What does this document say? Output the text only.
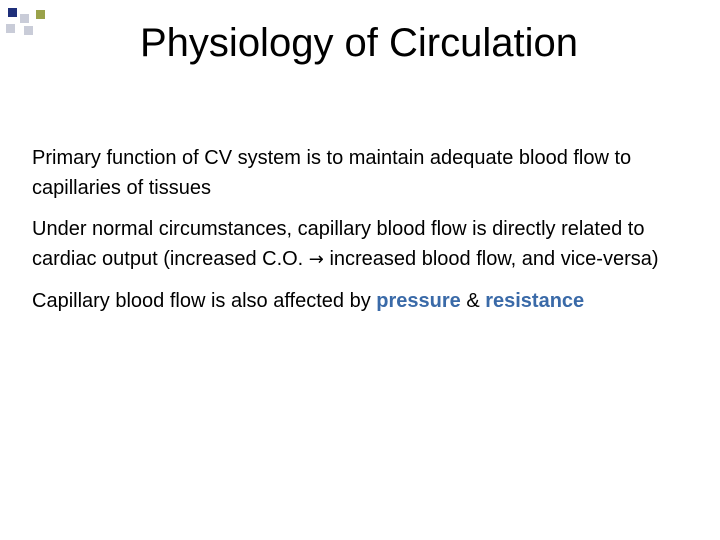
Physiology of Circulation

Primary function of CV system is to maintain adequate blood flow to capillaries of tissues

Under normal circumstances, capillary blood flow is directly related to cardiac output (increased C.O. → increased blood flow, and vice-versa)

Capillary blood flow is also affected by pressure & resistance
